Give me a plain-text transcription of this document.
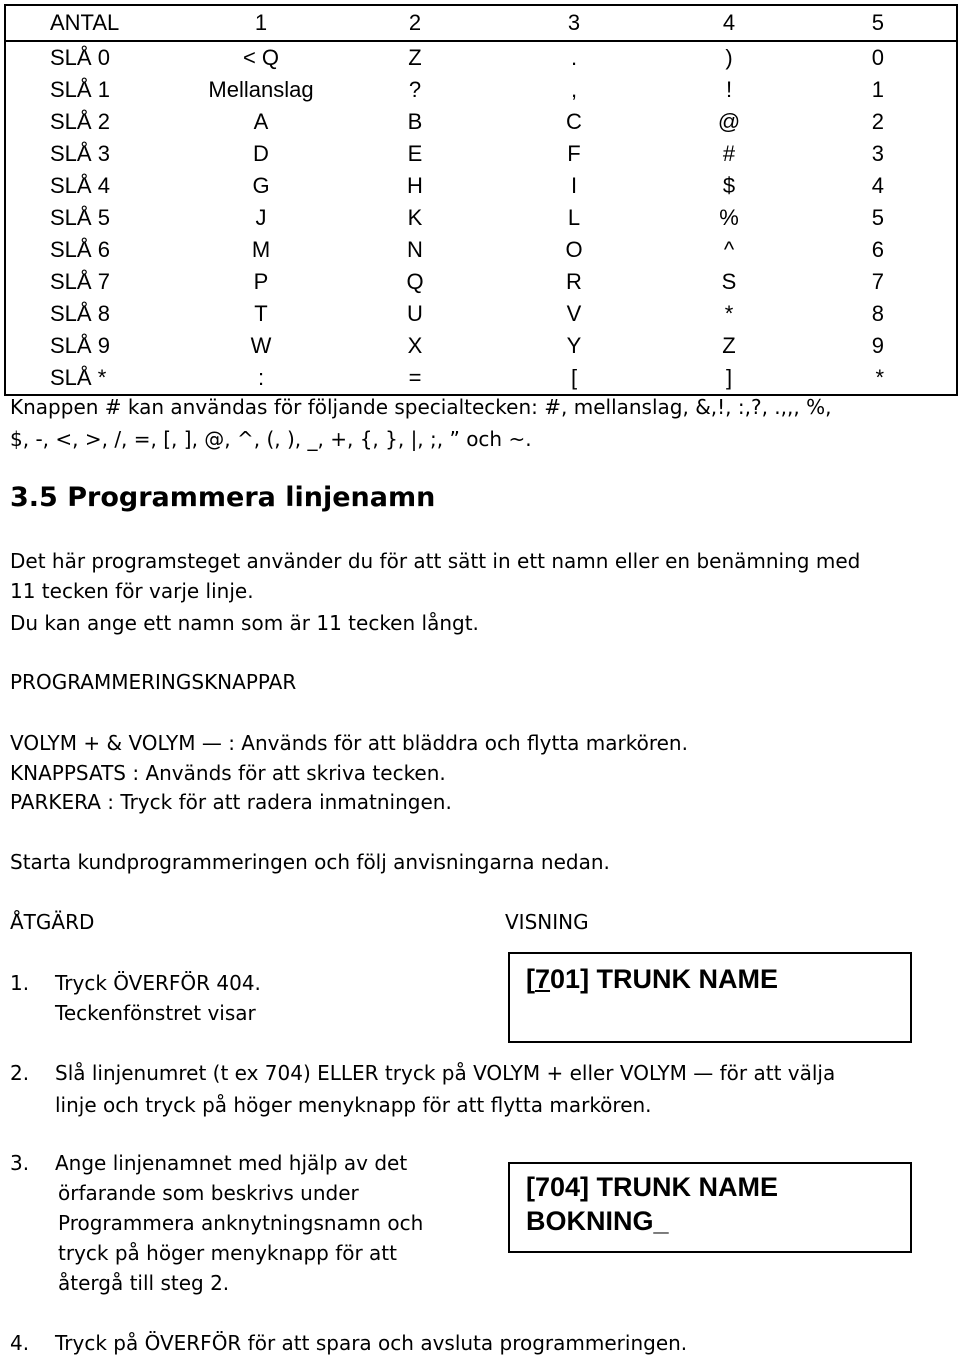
ANTAL	1	2	3	4	5
SLÅ 0	< Q	Z	.	)	0
SLÅ 1	Mellanslag	?	,	!	1
SLÅ 2	A	B	C	@	2
SLÅ 3	D	E	F	#	3
SLÅ 4	G	H	I	$	4
SLÅ 5	J	K	L	%	5
SLÅ 6	M	N	O	^	6
SLÅ 7	P	Q	R	S	7
SLÅ 8	T	U	V	*	8
SLÅ 9	W	X	Y	Z	9
SLÅ *	:	=	[	]	*
Knappen # kan användas för följande specialtecken: #, mellanslag, &,!, :,?, .,,, %,
$, -, <, >, /, =, [, ], @, ^, (, ), _, +, {, }, |, ;, ” och ~.
3.5 Programmera linjenamn
Det här programsteget använder du för att sätt in ett namn eller en benämning med
11 tecken för varje linje.
Du kan ange ett namn som är 11 tecken långt.
PROGRAMMERINGSKNAPPAR
VOLYM + & VOLYM — : Används för att bläddra och flytta markören.
KNAPPSATS : Används för att skriva tecken.
PARKERA : Tryck för att radera inmatningen.
Starta kundprogrammeringen och följ anvisningarna nedan.
ÅTGÄRD	VISNING
1. Tryck ÖVERFÖR 404.
Teckenfönstret visar
[701] TRUNK NAME
2. Slå linjenumret (t ex 704) ELLER tryck på VOLYM + eller VOLYM — för att välja
linje och tryck på höger menyknapp för att flytta markören.
3. Ange linjenamnet med hjälp av det
örfarande som beskrivs under
Programmera anknytningsnamn och
tryck på höger menyknapp för att
återgå till steg 2.
[704] TRUNK NAME
BOKNING_
4. Tryck på ÖVERFÖR för att spara och avsluta programmeringen.
